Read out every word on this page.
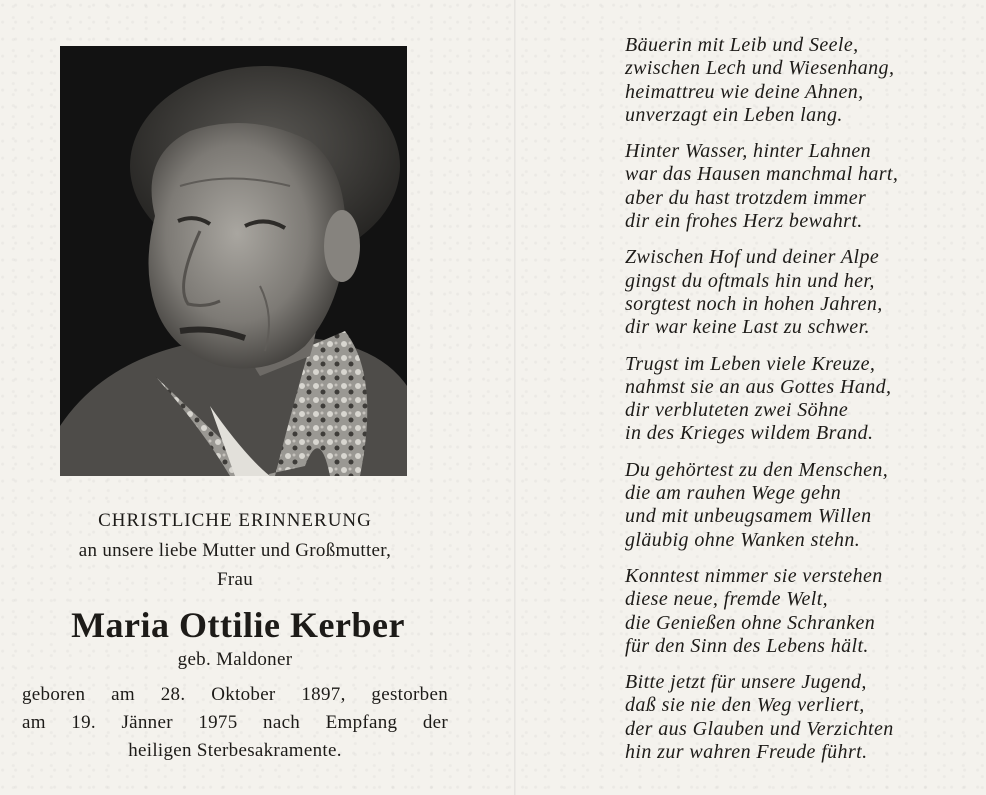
CHRISTLICHE ERINNERUNG
an unsere liebe Mutter und Großmutter,
Frau
Maria Ottilie Kerber
geb. Maldoner
geboren am 28. Oktober 1897, gestorben
am 19. Jänner 1975 nach Empfang der
heiligen Sterbesakramente.
Bäuerin mit Leib und Seele,
zwischen Lech und Wiesenhang,
heimattreu wie deine Ahnen,
unverzagt ein Leben lang.
Hinter Wasser, hinter Lahnen
war das Hausen manchmal hart,
aber du hast trotzdem immer
dir ein frohes Herz bewahrt.
Zwischen Hof und deiner Alpe
gingst du oftmals hin und her,
sorgtest noch in hohen Jahren,
dir war keine Last zu schwer.
Trugst im Leben viele Kreuze,
nahmst sie an aus Gottes Hand,
dir verbluteten zwei Söhne
in des Krieges wildem Brand.
Du gehörtest zu den Menschen,
die am rauhen Wege gehn
und mit unbeugsamem Willen
gläubig ohne Wanken stehn.
Konntest nimmer sie verstehen
diese neue, fremde Welt,
die Genießen ohne Schranken
für den Sinn des Lebens hält.
Bitte jetzt für unsere Jugend,
daß sie nie den Weg verliert,
der aus Glauben und Verzichten
hin zur wahren Freude führt.
